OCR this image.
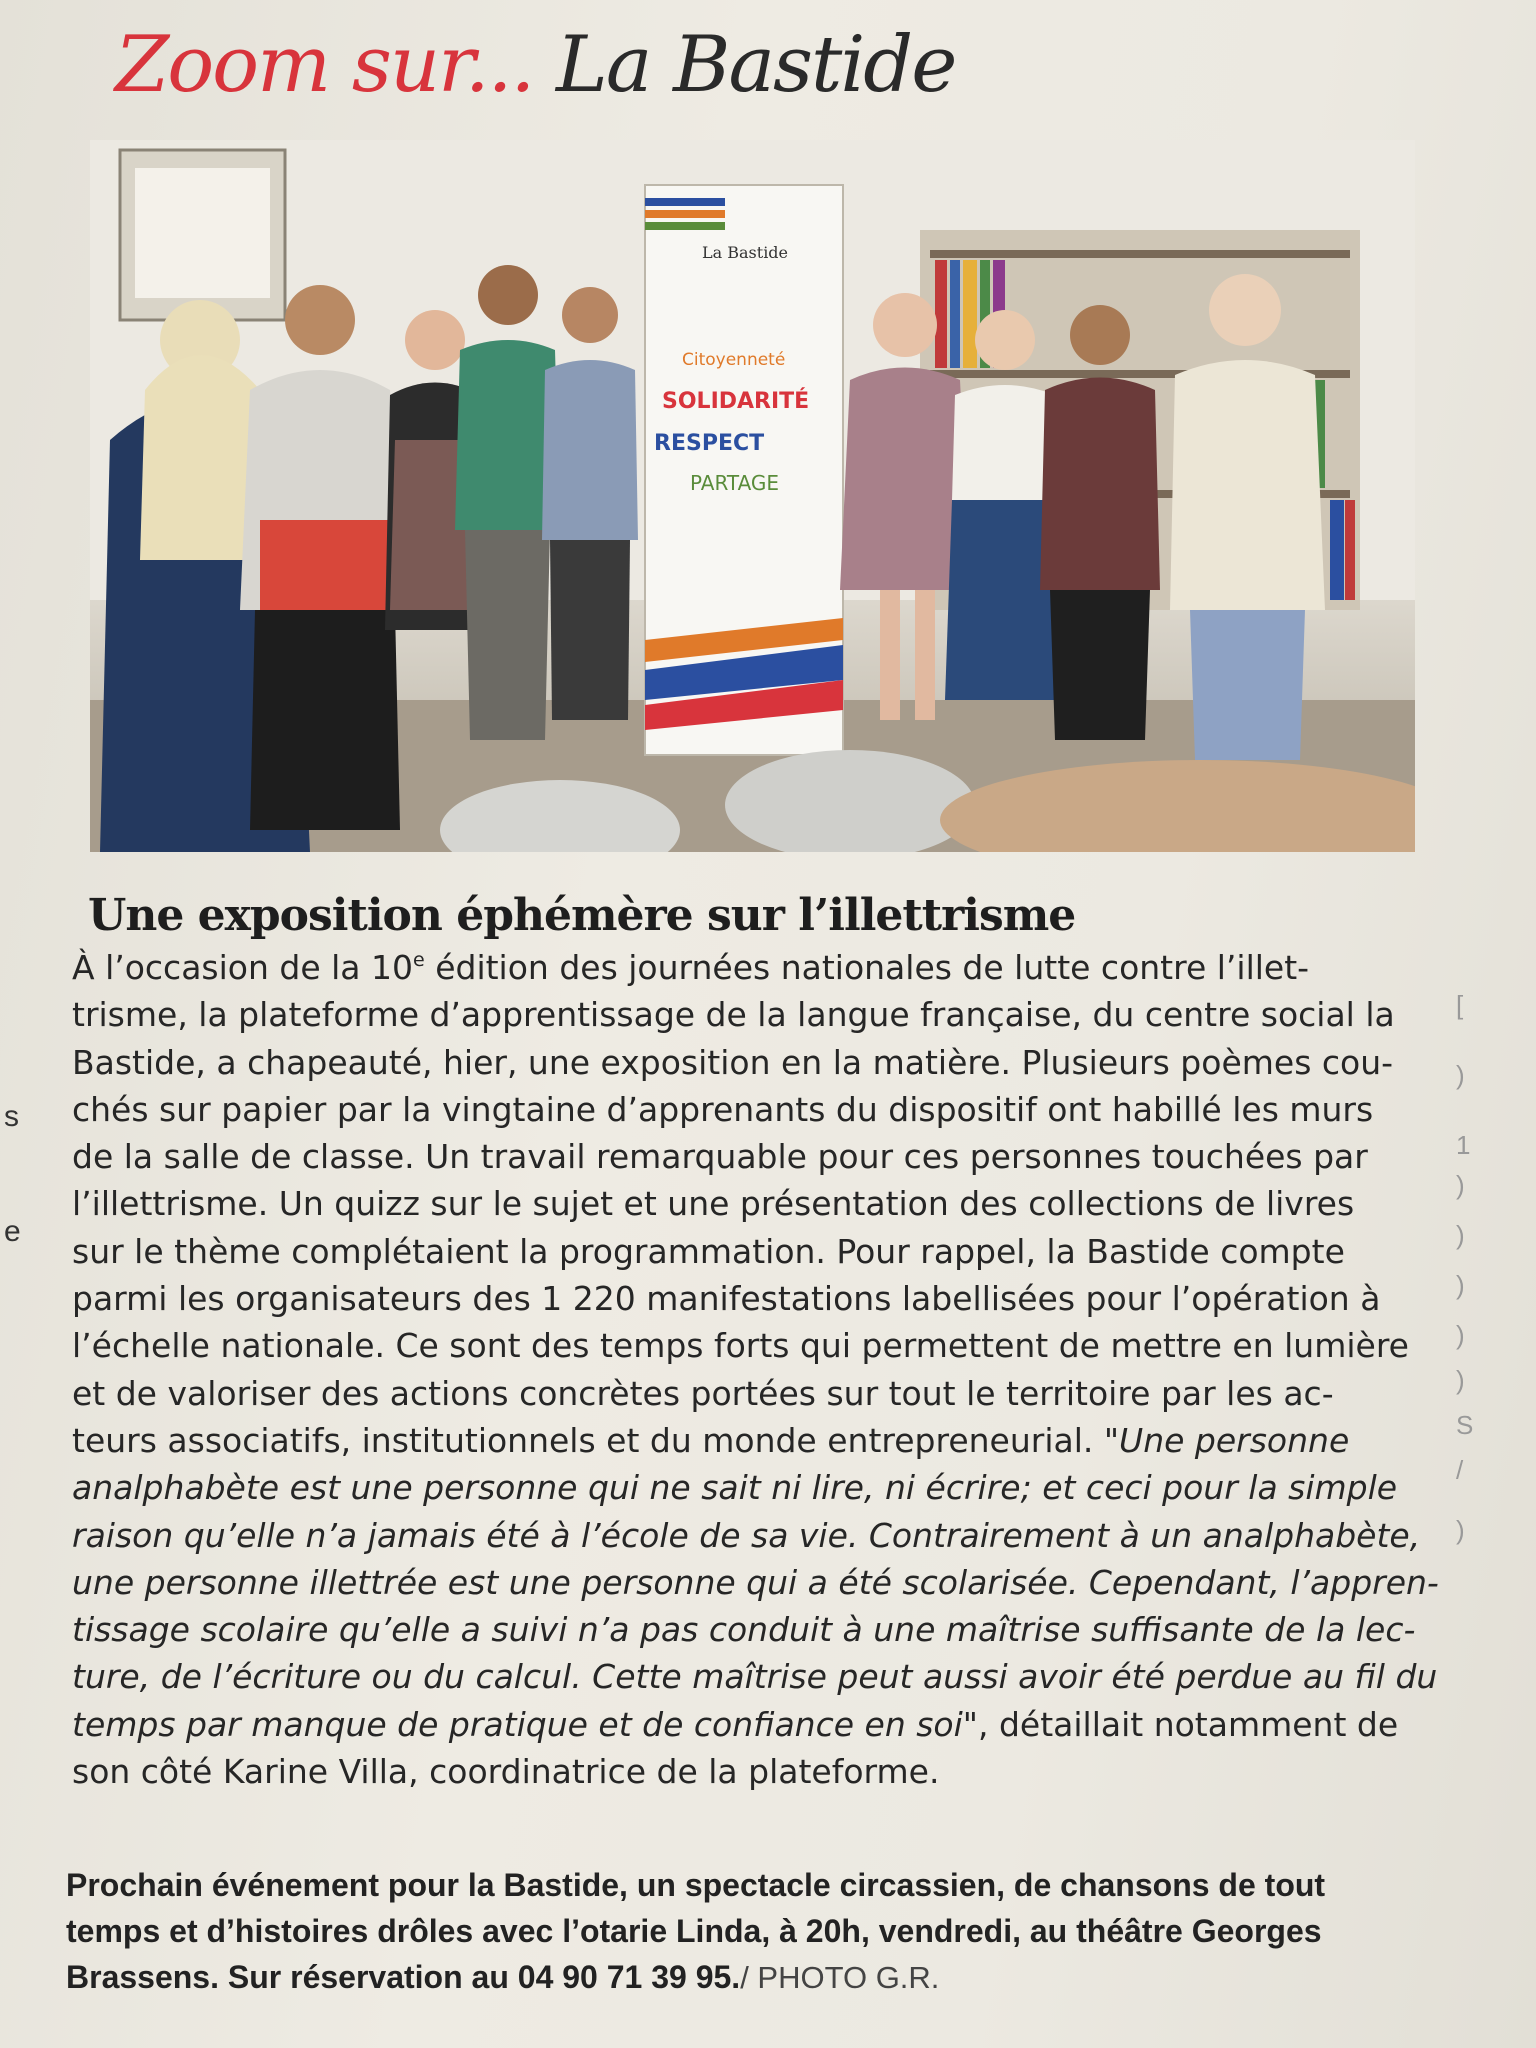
s
e
[
)
1
)
)
)
)
)
S
/
)
Zoom sur... La Bastide
La Bastide
Citoyenneté
SOLIDARITÉ
RESPECT
PARTAGE
Une exposition éphémère sur l’illettrisme
À l’occasion de la 10e édition des journées nationales de lutte contre l’illet-
trisme, la plateforme d’apprentissage de la langue française, du centre social la
Bastide, a chapeauté, hier, une exposition en la matière. Plusieurs poèmes cou-
chés sur papier par la vingtaine d’apprenants du dispositif ont habillé les murs
de la salle de classe. Un travail remarquable pour ces personnes touchées par
l’illettrisme. Un quizz sur le sujet et une présentation des collections de livres
sur le thème complétaient la programmation. Pour rappel, la Bastide compte
parmi les organisateurs des 1 220 manifestations labellisées pour l’opération à
l’échelle nationale. Ce sont des temps forts qui permettent de mettre en lumière
et de valoriser des actions concrètes portées sur tout le territoire par les ac-
teurs associatifs, institutionnels et du monde entrepreneurial. "Une personne
analphabète est une personne qui ne sait ni lire, ni écrire; et ceci pour la simple
raison qu’elle n’a jamais été à l’école de sa vie. Contrairement à un analphabète,
une personne illettrée est une personne qui a été scolarisée. Cependant, l’appren-
tissage scolaire qu’elle a suivi n’a pas conduit à une maîtrise suffisante de la lec-
ture, de l’écriture ou du calcul. Cette maîtrise peut aussi avoir été perdue au fil du
temps par manque de pratique et de confiance en soi", détaillait notamment de
son côté Karine Villa, coordinatrice de la plateforme.
Prochain événement pour la Bastide, un spectacle circassien, de chansons de tout
temps et d’histoires drôles avec l’otarie Linda, à 20h, vendredi, au théâtre Georges
Brassens. Sur réservation au 04 90 71 39 95./ PHOTO G.R.
